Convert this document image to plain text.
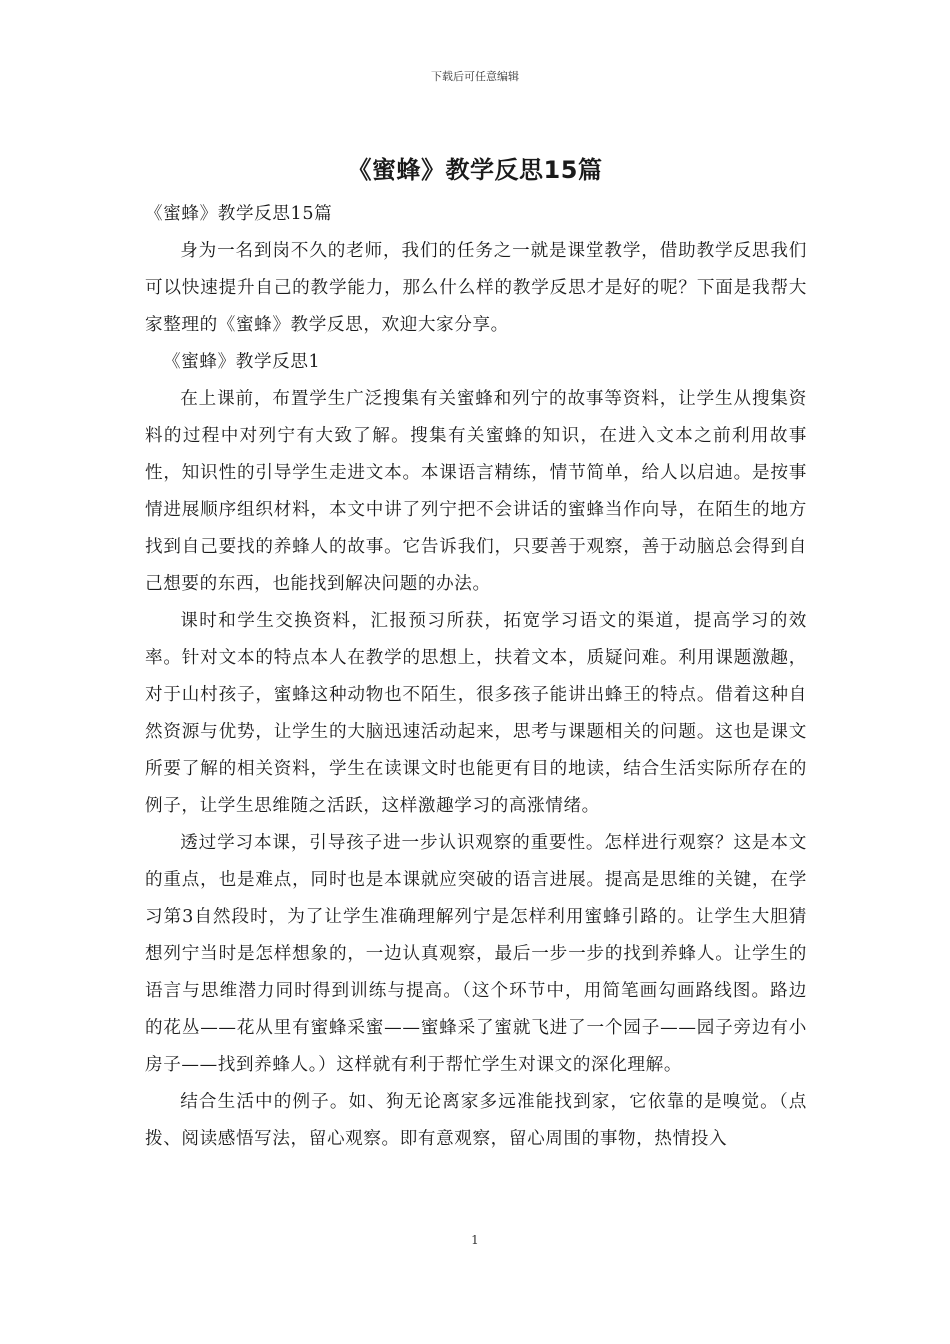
下载后可任意编辑
《蜜蜂》教学反思15篇

《蜜蜂》教学反思15篇

身为一名到岗不久的老师，我们的任务之一就是课堂教学，借助教学反思我们可以快速提升自己的教学能力，那么什么样的教学反思才是好的呢？下面是我帮大家整理的《蜜蜂》教学反思，欢迎大家分享。

《蜜蜂》教学反思1

在上课前，布置学生广泛搜集有关蜜蜂和列宁的故事等资料，让学生从搜集资料的过程中对列宁有大致了解。搜集有关蜜蜂的知识，在进入文本之前利用故事性，知识性的引导学生走进文本。本课语言精练，情节简单，给人以启迪。是按事情进展顺序组织材料，本文中讲了列宁把不会讲话的蜜蜂当作向导，在陌生的地方找到自己要找的养蜂人的故事。它告诉我们，只要善于观察，善于动脑总会得到自己想要的东西，也能找到解决问题的办法。

课时和学生交换资料，汇报预习所获，拓宽学习语文的渠道，提高学习的效率。针对文本的特点本人在教学的思想上，扶着文本，质疑问难。利用课题激趣，对于山村孩子，蜜蜂这种动物也不陌生，很多孩子能讲出蜂王的特点。借着这种自然资源与优势，让学生的大脑迅速活动起来，思考与课题相关的问题。这也是课文所要了解的相关资料，学生在读课文时也能更有目的地读，结合生活实际所存在的例子，让学生思维随之活跃，这样激趣学习的高涨情绪。

透过学习本课，引导孩子进一步认识观察的重要性。怎样进行观察？这是本文的重点，也是难点，同时也是本课就应突破的语言进展。提高是思维的关键，在学习第3自然段时，为了让学生准确理解列宁是怎样利用蜜蜂引路的。让学生大胆猜想列宁当时是怎样想象的，一边认真观察，最后一步一步的找到养蜂人。让学生的语言与思维潜力同时得到训练与提高。（这个环节中，用简笔画勾画路线图。路边的花丛——花从里有蜜蜂采蜜——蜜蜂采了蜜就飞进了一个园子——园子旁边有小房子——找到养蜂人。）这样就有利于帮忙学生对课文的深化理解。

结合生活中的例子。如、狗无论离家多远准能找到家，它依靠的是嗅觉。（点拨、阅读感悟写法，留心观察。即有意观察，留心周围的事物，热情投入

1
